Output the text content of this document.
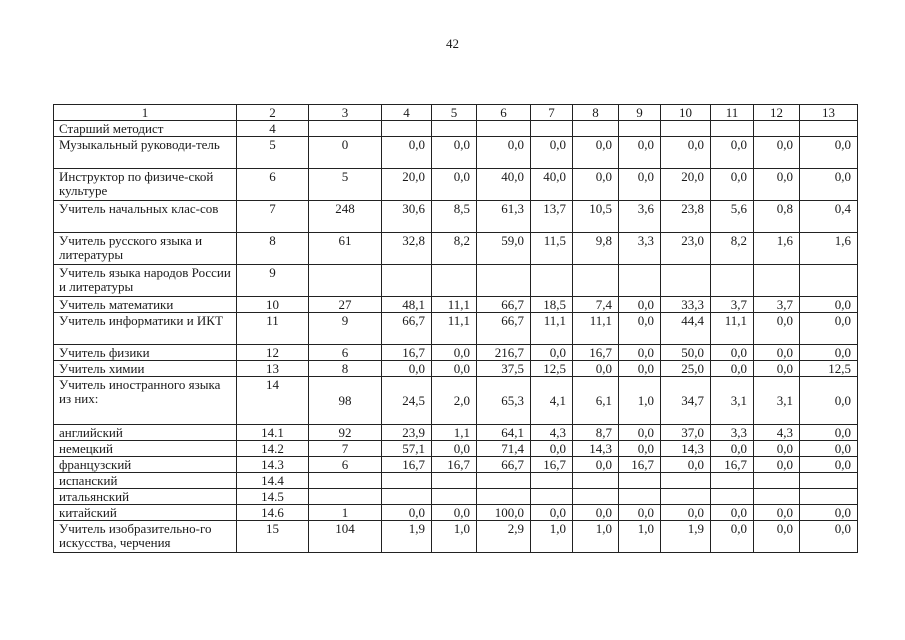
42
1	2	3	4	5	6	7	8	9	10	11	12	13
Старший методист	4											
Музыкальный руководи-тель	5	0	0,0	0,0	0,0	0,0	0,0	0,0	0,0	0,0	0,0	0,0
Инструктор по физиче-ской культуре	6	5	20,0	0,0	40,0	40,0	0,0	0,0	20,0	0,0	0,0	0,0
Учитель начальных клас-сов	7	248	30,6	8,5	61,3	13,7	10,5	3,6	23,8	5,6	0,8	0,4
Учитель русского языка и литературы	8	61	32,8	8,2	59,0	11,5	9,8	3,3	23,0	8,2	1,6	1,6
Учитель языка народов России и литературы	9											
Учитель математики	10	27	48,1	11,1	66,7	18,5	7,4	0,0	33,3	3,7	3,7	0,0
Учитель информатики и ИКТ	11	9	66,7	11,1	66,7	11,1	11,1	0,0	44,4	11,1	0,0	0,0
Учитель физики	12	6	16,7	0,0	216,7	0,0	16,7	0,0	50,0	0,0	0,0	0,0
Учитель химии	13	8	0,0	0,0	37,5	12,5	0,0	0,0	25,0	0,0	0,0	12,5
Учитель иностранного языка из них:	14	98	24,5	2,0	65,3	4,1	6,1	1,0	34,7	3,1	3,1	0,0
английский	14.1	92	23,9	1,1	64,1	4,3	8,7	0,0	37,0	3,3	4,3	0,0
немецкий	14.2	7	57,1	0,0	71,4	0,0	14,3	0,0	14,3	0,0	0,0	0,0
французский	14.3	6	16,7	16,7	66,7	16,7	0,0	16,7	0,0	16,7	0,0	0,0
испанский	14.4											
итальянский	14.5											
китайский	14.6	1	0,0	0,0	100,0	0,0	0,0	0,0	0,0	0,0	0,0	0,0
Учитель изобразительно-го искусства, черчения	15	104	1,9	1,0	2,9	1,0	1,0	1,0	1,9	0,0	0,0	0,0
